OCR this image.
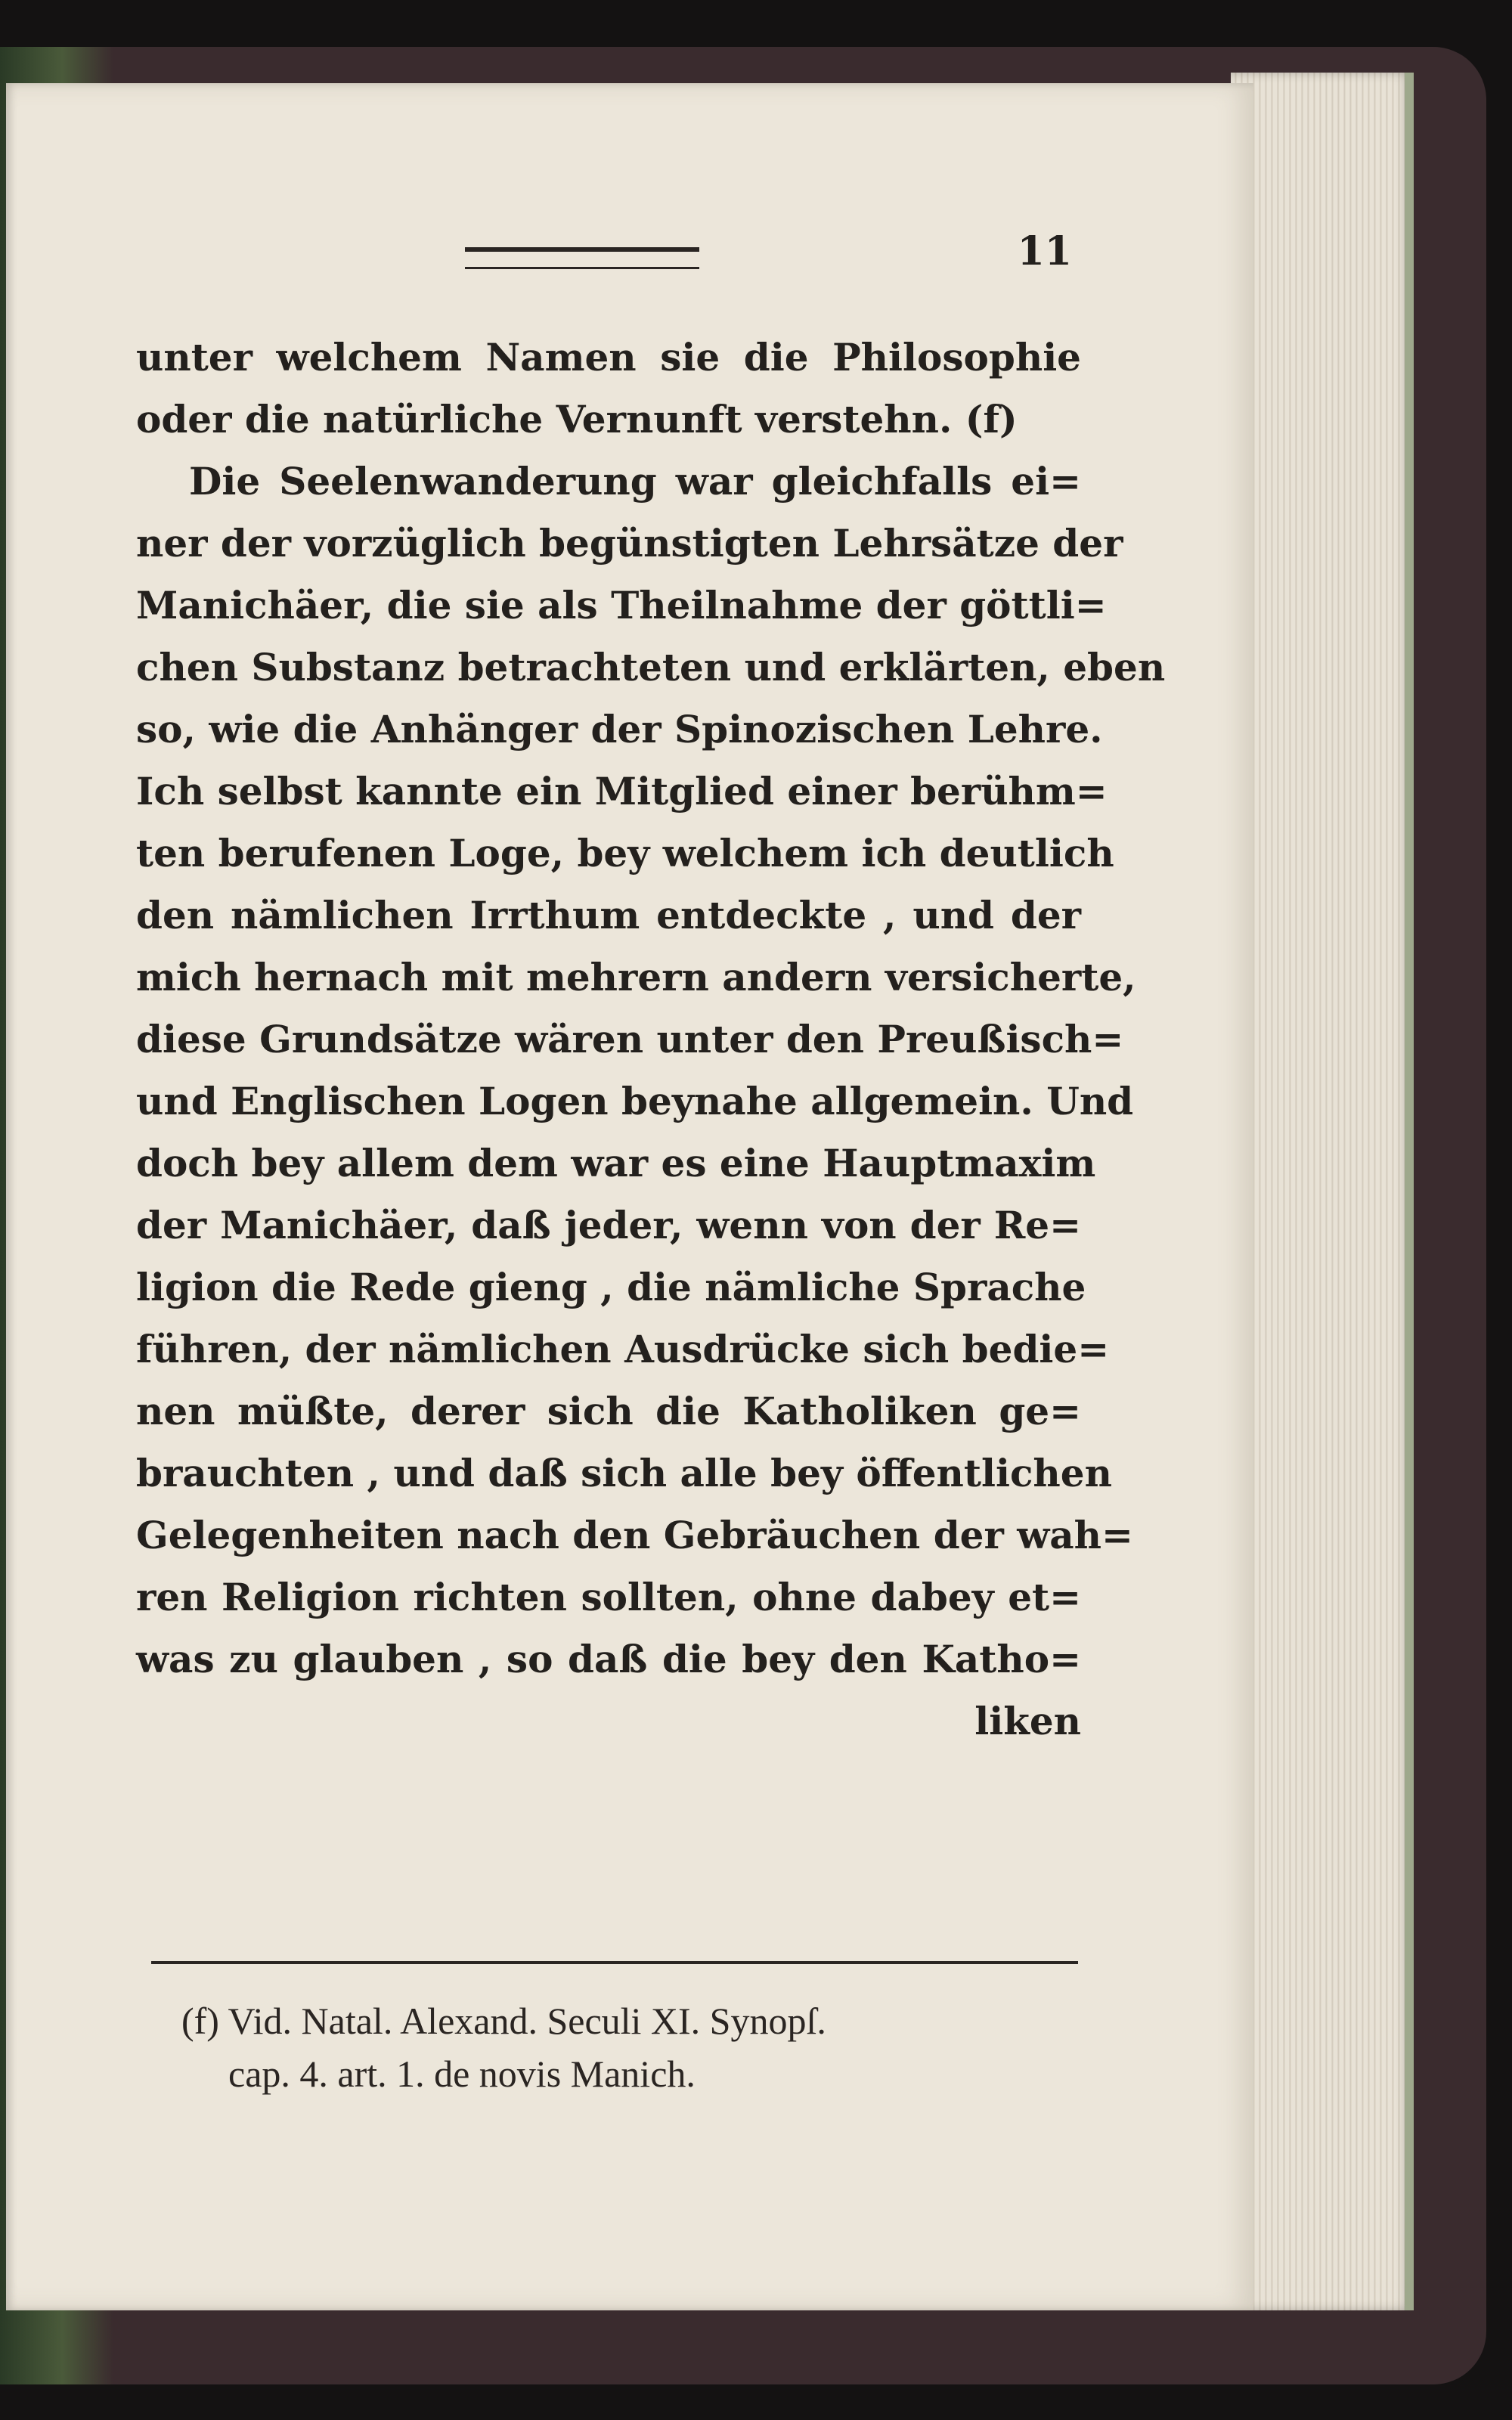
11
unter welchem Namen sie die Philosophie
oder die natürliche Vernunft verstehn. (f)
Die Seelenwanderung war gleichfalls ei=
ner der vorzüglich begünstigten Lehrsätze der
Manichäer, die sie als Theilnahme der göttli=
chen Substanz betrachteten und erklärten, eben
so, wie die Anhänger der Spinozischen Lehre.
Ich selbst kannte ein Mitglied einer berühm=
ten berufenen Loge, bey welchem ich deutlich
den nämlichen Irrthum entdeckte , und der
mich hernach mit mehrern andern versicherte,
diese Grundsätze wären unter den Preußisch=
und Englischen Logen beynahe allgemein. Und
doch bey allem dem war es eine Hauptmaxim
der Manichäer, daß jeder, wenn von der Re=
ligion die Rede gieng , die nämliche Sprache
führen, der nämlichen Ausdrücke sich bedie=
nen müßte, derer sich die Katholiken ge=
brauchten , und daß sich alle bey öffentlichen
Gelegenheiten nach den Gebräuchen der wah=
ren Religion richten sollten, ohne dabey et=
was zu glauben , so daß die bey den Katho=
liken
(f) Vid. Natal. Alexand. Seculi XI. Synopſ.
cap. 4. art. 1. de novis Manich.
